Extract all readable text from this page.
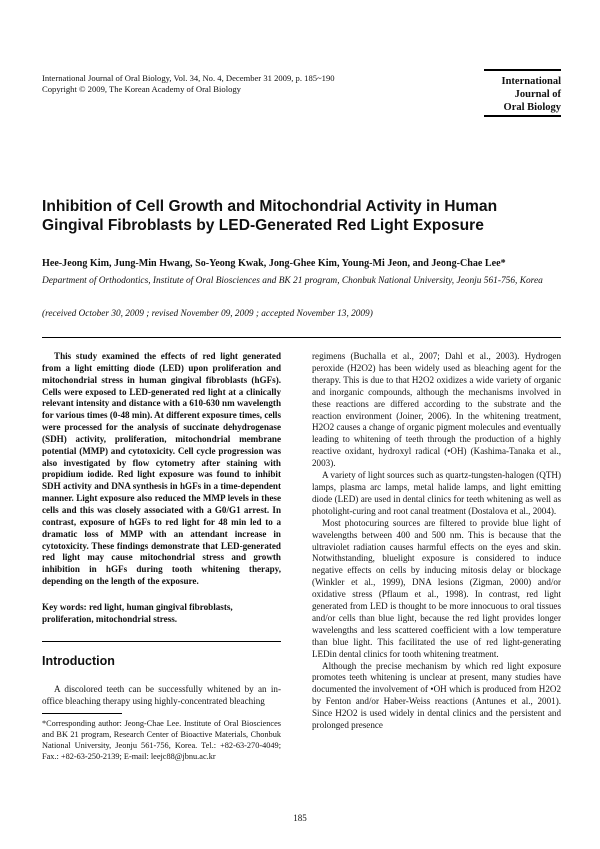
International Journal of Oral Biology, Vol. 34, No. 4, December 31 2009, p. 185~190
Copyright © 2009, The Korean Academy of Oral Biology
International
Journal of
Oral Biology
Inhibition of Cell Growth and Mitochondrial Activity in Human Gingival Fibroblasts by LED-Generated Red Light Exposure
Hee-Jeong Kim, Jung-Min Hwang, So-Yeong Kwak, Jong-Ghee Kim, Young-Mi Jeon, and Jeong-Chae Lee*
Department of Orthodontics, Institute of Oral Biosciences and BK 21 program, Chonbuk National University, Jeonju 561-756, Korea
(received October 30, 2009 ; revised November 09, 2009 ; accepted November 13, 2009)

This study examined the effects of red light generated from a light emitting diode (LED) upon proliferation and mitochondrial stress in human gingival fibroblasts (hGFs). Cells were exposed to LED-generated red light at a clinically relevant intensity and distance with a 610-630 nm wavelength for various times (0-48 min). At different exposure times, cells were processed for the analysis of succinate dehydrogenase (SDH) activity, proliferation, mitochondrial membrane potential (MMP) and cytotoxicity. Cell cycle progression was also investigated by flow cytometry after staining with propidium iodide. Red light exposure was found to inhibit SDH activity and DNA synthesis in hGFs in a time-dependent manner. Light exposure also reduced the MMP levels in these cells and this was closely associated with a G0/G1 arrest. In contrast, exposure of hGFs to red light for 48 min led to a dramatic loss of MMP with an attendant increase in cytotoxicity. These findings demonstrate that LED-generated red light may cause mitochondrial stress and growth inhibition in hGFs during tooth whitening therapy, depending on the length of the exposure.

Key words: red light, human gingival fibroblasts, proliferation, mitochondrial stress.
Introduction

A discolored teeth can be successfully whitened by an in-office bleaching therapy using highly-concentrated bleaching

*Corresponding author: Jeong-Chae Lee. Institute of Oral Biosciences and BK 21 program, Research Center of Bioactive Materials, Chonbuk National University, Jeonju 561-756, Korea. Tel.: +82-63-270-4049; Fax.: +82-63-250-2139; E-mail: leejc88@jbnu.ac.kr

regimens (Buchalla et al., 2007; Dahl et al., 2003). Hydrogen peroxide (H2O2) has been widely used as bleaching agent for the therapy. This is due to that H2O2 oxidizes a wide variety of organic and inorganic compounds, although the mechanisms involved in these reactions are differed according to the substrate and the reaction environment (Joiner, 2006). In the whitening treatment, H2O2 causes a change of organic pigment molecules and eventually leading to whitening of teeth through the production of a highly reactive oxidant, hydroxyl radical (•OH) (Kashima-Tanaka et al., 2003).

A variety of light sources such as quartz-tungsten-halogen (QTH) lamps, plasma arc lamps, metal halide lamps, and light emitting diode (LED) are used in dental clinics for teeth whitening as well as photolight-curing and root canal treatment (Dostalova et al., 2004).

Most photocuring sources are filtered to provide blue light of wavelengths between 400 and 500 nm. This is because that the ultraviolet radiation causes harmful effects on the eyes and skin. Notwithstanding, bluelight exposure is considered to induce negative effects on cells by inducing mitosis delay or blockage (Winkler et al., 1999), DNA lesions (Zigman, 2000) and/or oxidative stress (Pflaum et al., 1998). In contrast, red light generated from LED is thought to be more innocuous to oral tissues and/or cells than blue light, because the red light provides longer wavelengths and less scattered coefficient with a low temperature than blue light. This facilitated the use of red light-generating LEDin dental clinics for tooth whitening treatment.

Although the precise mechanism by which red light exposure promotes teeth whitening is unclear at present, many studies have documented the involvement of •OH which is produced from H2O2 by Fenton and/or Haber-Weiss reactions (Antunes et al., 2001). Since H2O2 is used widely in dental clinics and the persistent and prolonged presence

185
